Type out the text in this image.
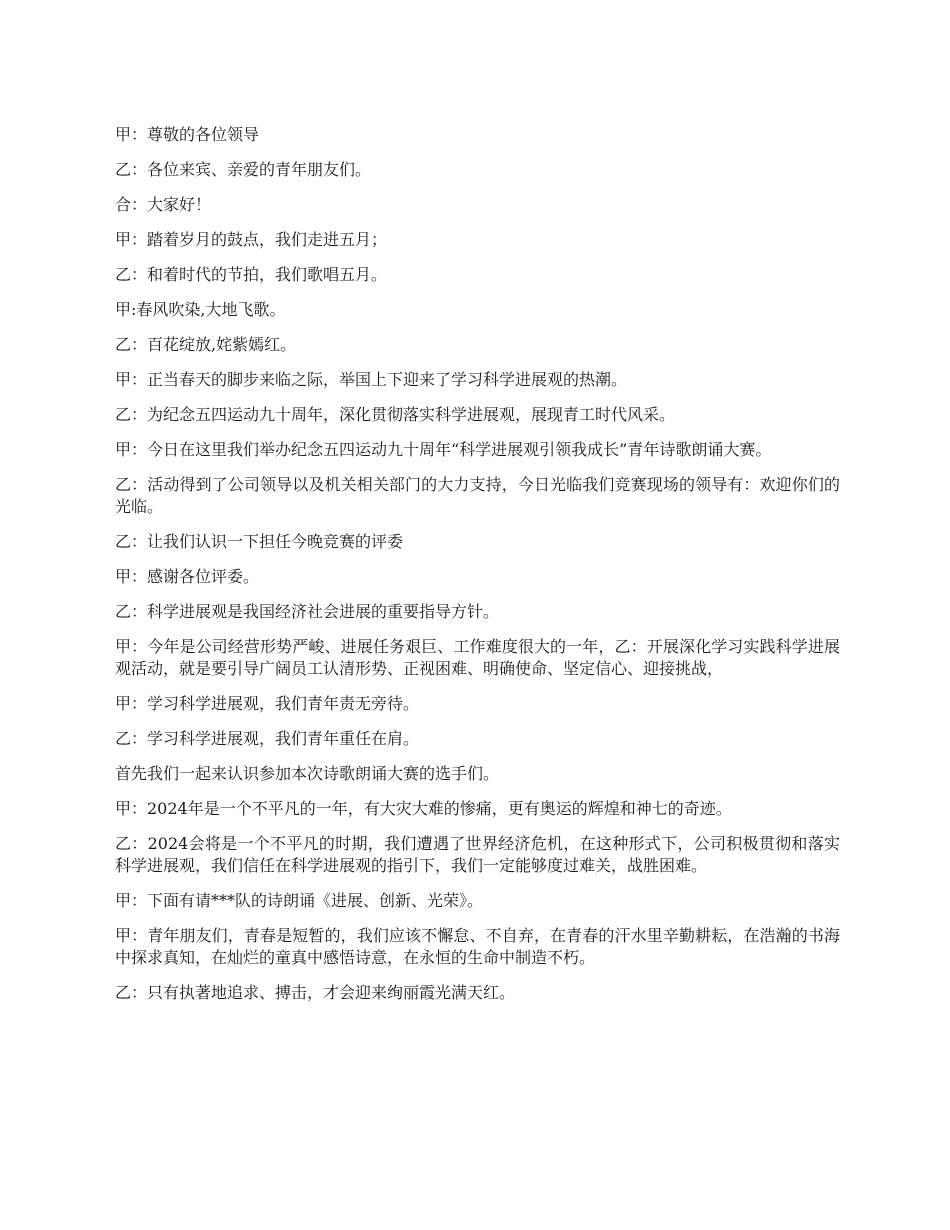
甲：尊敬的各位领导

乙：各位来宾、亲爱的青年朋友们。

合：大家好！

甲：踏着岁月的鼓点，我们走进五月；

乙：和着时代的节拍，我们歌唱五月。

甲:春风吹染,大地飞歌。

乙：百花绽放,姹紫嫣红。

甲：正当春天的脚步来临之际，举国上下迎来了学习科学进展观的热潮。

乙：为纪念五四运动九十周年，深化贯彻落实科学进展观，展现青工时代风采。

甲：今日在这里我们举办纪念五四运动九十周年“科学进展观引领我成长”青年诗歌朗诵大赛。

乙：活动得到了公司领导以及机关相关部门的大力支持，今日光临我们竞赛现场的领导有：欢迎你们的光临。

乙：让我们认识一下担任今晚竞赛的评委

甲：感谢各位评委。

乙：科学进展观是我国经济社会进展的重要指导方针。

甲：今年是公司经营形势严峻、进展任务艰巨、工作难度很大的一年，乙：开展深化学习实践科学进展观活动，就是要引导广阔员工认清形势、正视困难、明确使命、坚定信心、迎接挑战，

甲：学习科学进展观，我们青年责无旁待。

乙：学习科学进展观，我们青年重任在肩。

首先我们一起来认识参加本次诗歌朗诵大赛的选手们。

甲：2024年是一个不平凡的一年，有大灾大难的惨痛，更有奥运的辉煌和神七的奇迹。

乙：2024会将是一个不平凡的时期，我们遭遇了世界经济危机，在这种形式下，公司积极贯彻和落实科学进展观，我们信任在科学进展观的指引下，我们一定能够度过难关，战胜困难。

甲：下面有请***队的诗朗诵《进展、创新、光荣》。

甲：青年朋友们，青春是短暂的，我们应该不懈怠、不自弃，在青春的汗水里辛勤耕耘，在浩瀚的书海中探求真知，在灿烂的童真中感悟诗意，在永恒的生命中制造不朽。

乙：只有执著地追求、搏击，才会迎来绚丽霞光满天红。
